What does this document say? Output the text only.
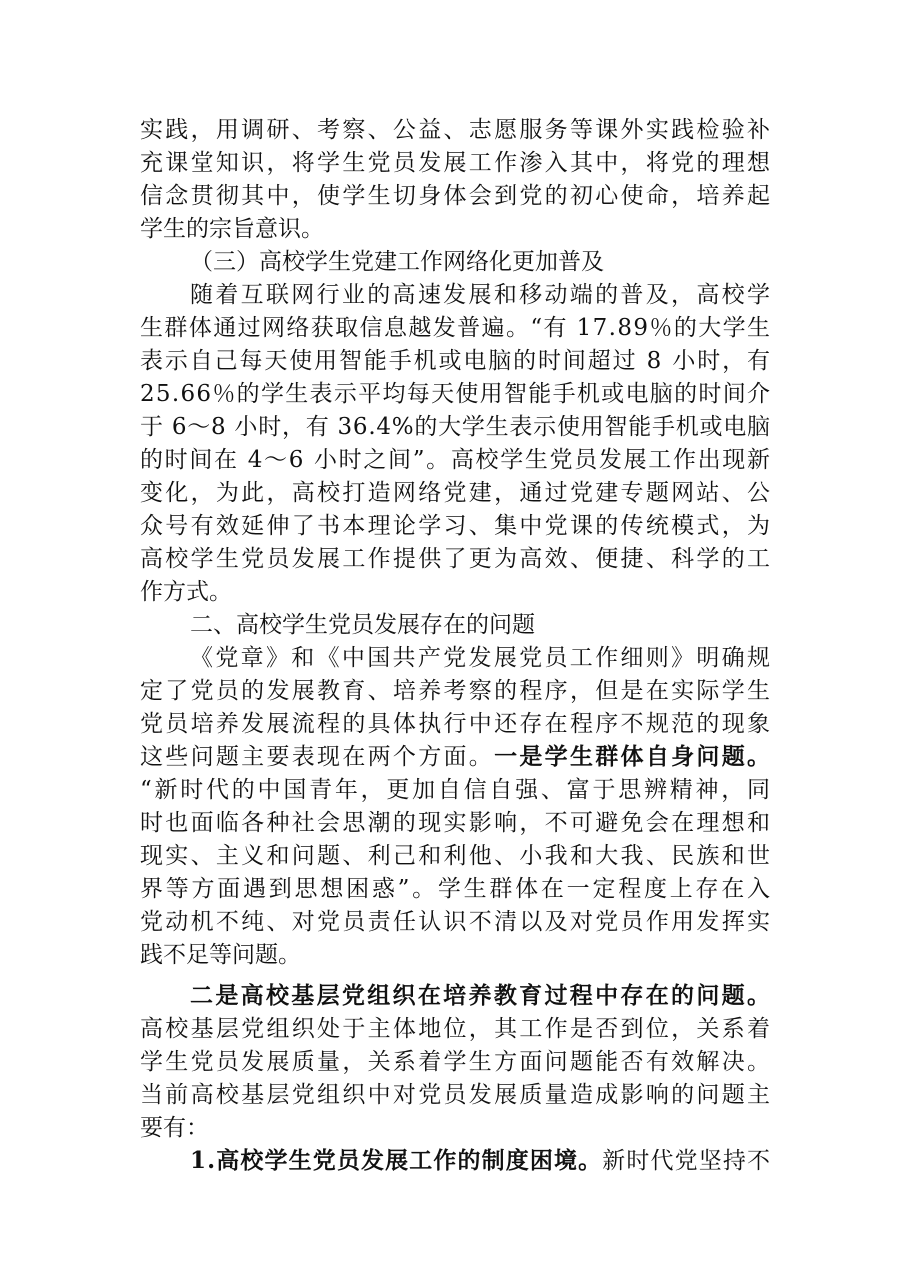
实践，用调研、考察、公益、志愿服务等课外实践检验补
充课堂知识，将学生党员发展工作渗入其中，将党的理想
信念贯彻其中，使学生切身体会到党的初心使命，培养起
学生的宗旨意识。
（三）高校学生党建工作网络化更加普及
随着互联网行业的高速发展和移动端的普及，高校学
生群体通过网络获取信息越发普遍。“有 17.89％的大学生
表示自己每天使用智能手机或电脑的时间超过 8 小时，有
25.66％的学生表示平均每天使用智能手机或电脑的时间介
于 6～8 小时，有 36.4%的大学生表示使用智能手机或电脑
的时间在 4～6 小时之间”。高校学生党员发展工作出现新
变化，为此，高校打造网络党建，通过党建专题网站、公
众号有效延伸了书本理论学习、集中党课的传统模式，为
高校学生党员发展工作提供了更为高效、便捷、科学的工
作方式。
二、高校学生党员发展存在的问题
《党章》和《中国共产党发展党员工作细则》明确规
定了党员的发展教育、培养考察的程序，但是在实际学生
党员培养发展流程的具体执行中还存在程序不规范的现象
这些问题主要表现在两个方面。一是学生群体自身问题。
“新时代的中国青年，更加自信自强、富于思辨精神，同
时也面临各种社会思潮的现实影响，不可避免会在理想和
现实、主义和问题、利己和利他、小我和大我、民族和世
界等方面遇到思想困惑”。学生群体在一定程度上存在入
党动机不纯、对党员责任认识不清以及对党员作用发挥实
践不足等问题。
二是高校基层党组织在培养教育过程中存在的问题。
高校基层党组织处于主体地位，其工作是否到位，关系着
学生党员发展质量，关系着学生方面问题能否有效解决。
当前高校基层党组织中对党员发展质量造成影响的问题主
要有：
1.高校学生党员发展工作的制度困境。新时代党坚持不
